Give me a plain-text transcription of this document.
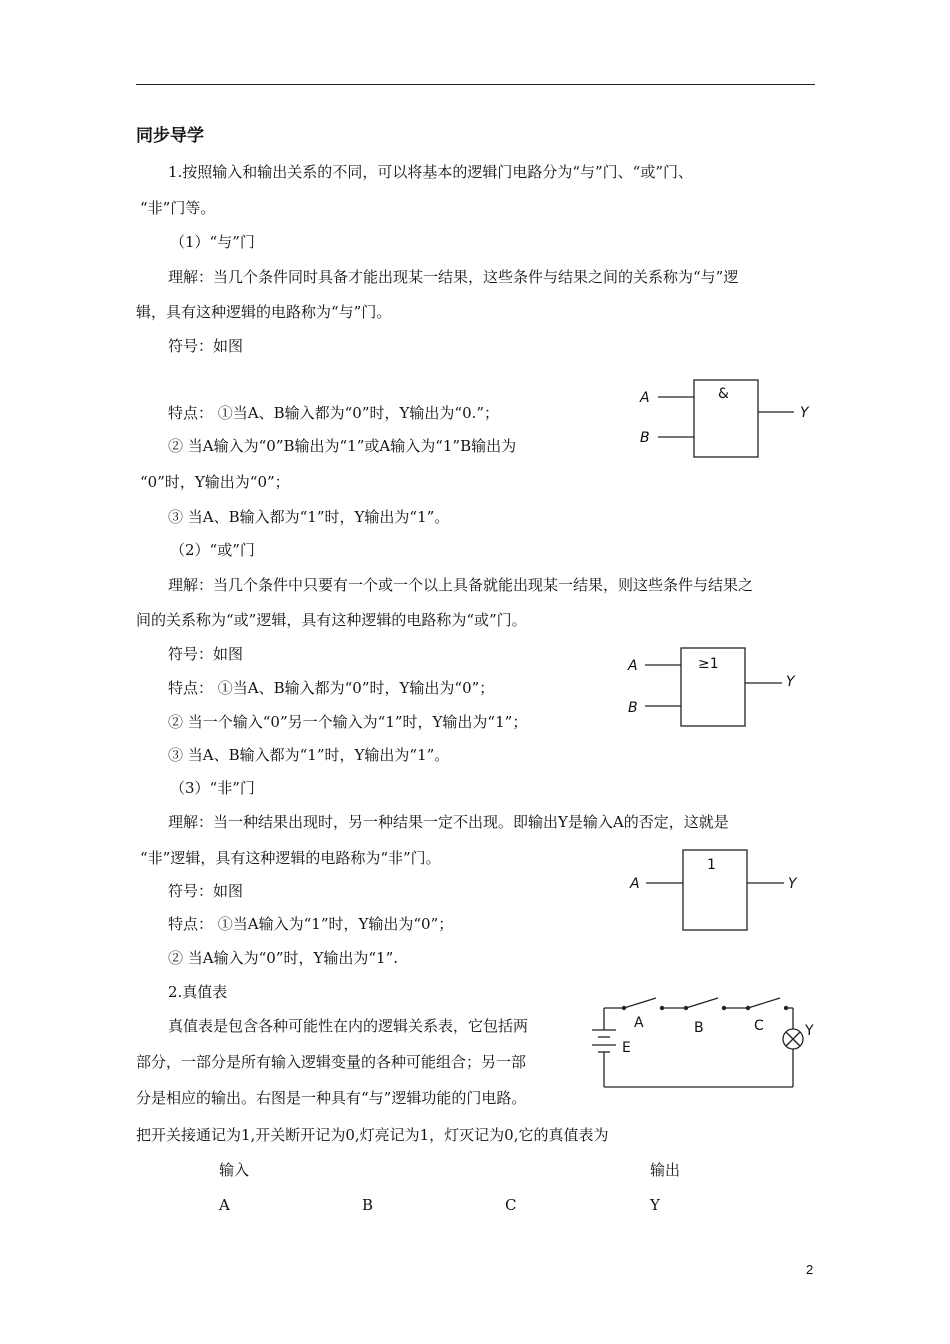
同步导学
1.按照输入和输出关系的不同，可以将基本的逻辑门电路分为“与”门、“或”门、
“非”门等。
（1）“与”门
理解：当几个条件同时具备才能出现某一结果，这些条件与结果之间的关系称为“与”逻
辑，具有这种逻辑的电路称为“与”门。
符号：如图
特点： ①当A、B输入都为“0”时，Y输出为“0.”；
② 当A输入为“0”B输出为“1”或A输入为“1”B输出为
“0”时，Y输出为“0”；
③ 当A、B输入都为“1”时，Y输出为“1”。
&
A
B
Y
（2）“或”门
理解：当几个条件中只要有一个或一个以上具备就能出现某一结果，则这些条件与结果之
间的关系称为“或”逻辑，具有这种逻辑的电路称为“或”门。
符号：如图
特点： ①当A、B输入都为“0”时，Y输出为“0”；
② 当一个输入“0”另一个输入为“1”时，Y输出为“1”；
③ 当A、B输入都为“1”时，Y输出为“1”。
≥1
A
B
Y
（3）“非”门
理解：当一种结果出现时，另一种结果一定不出现。即输出Y是输入A的否定，这就是
“非”逻辑，具有这种逻辑的电路称为“非”门。
符号：如图
特点： ①当A输入为“1”时，Y输出为“0”；
② 当A输入为“0”时，Y输出为“1”.
1
A	Y
2.真值表
真值表是包含各种可能性在内的逻辑关系表，它包括两
部分，一部分是所有输入逻辑变量的各种可能组合；另一部
分是相应的输出。右图是一种具有“与”逻辑功能的门电路。
把开关接通记为1,开关断开记为0,灯亮记为1，灯灭记为0,它的真值表为
A	B	C
E
Y
输入	输出
A	B	C	Y
2
